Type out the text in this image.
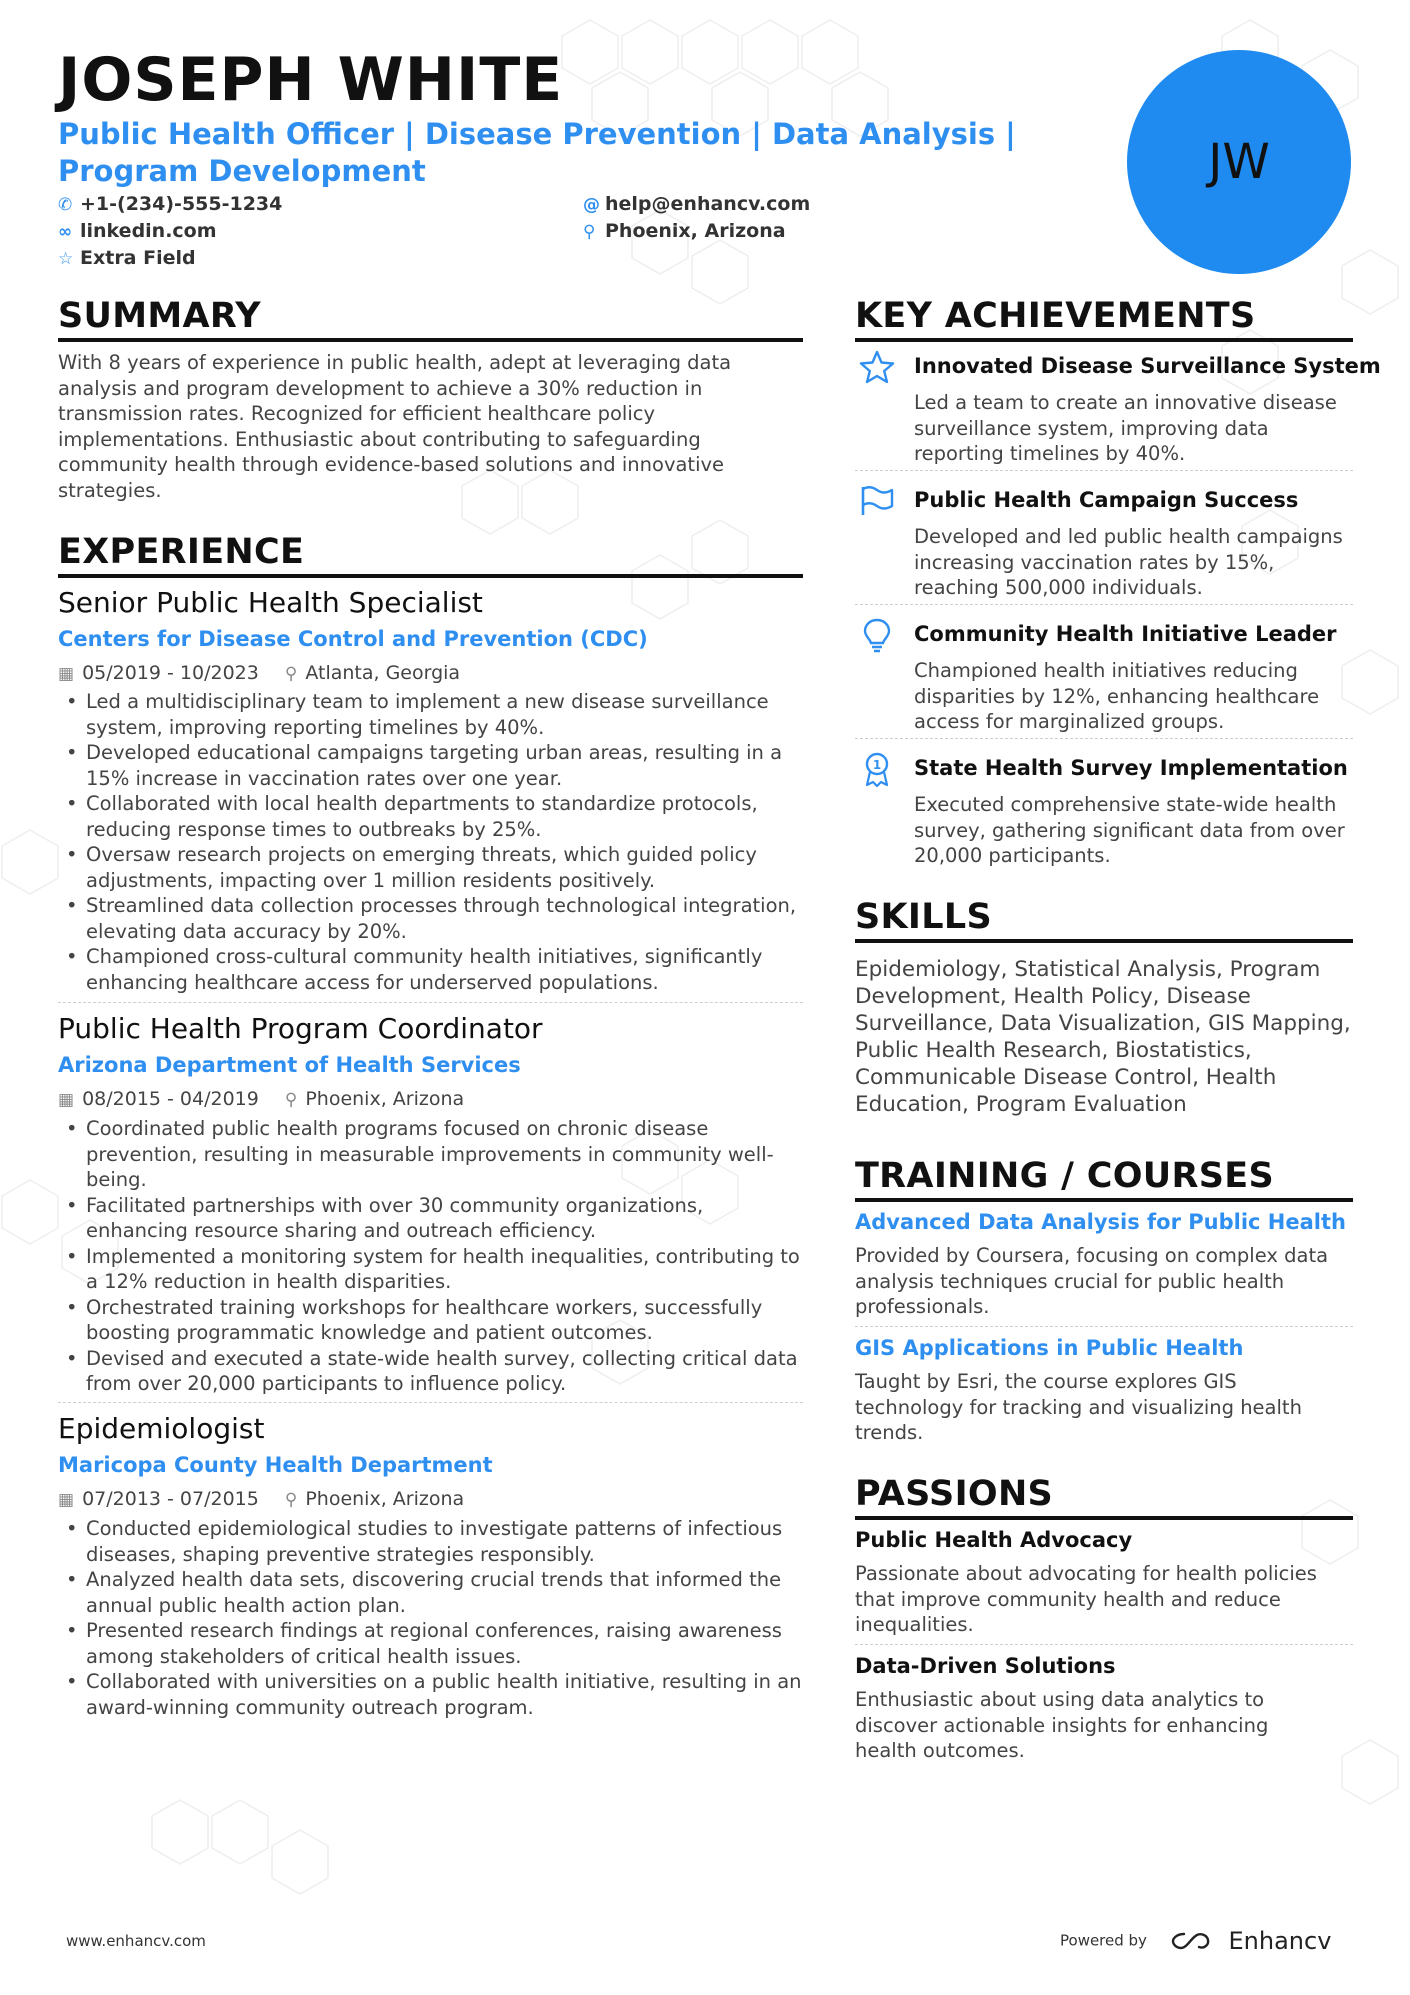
JOSEPH WHITE
Public Health Officer | Disease Prevention | Data Analysis | Program Development
✆ +1-(234)-555-1234	@ help@enhancv.com
∞ linkedin.com	⚲ Phoenix, Arizona
☆ Extra Field
JW
SUMMARY
With 8 years of experience in public health, adept at leveraging data analysis and program development to achieve a 30% reduction in transmission rates. Recognized for efficient healthcare policy implementations. Enthusiastic about contributing to safeguarding community health through evidence-based solutions and innovative strategies.
EXPERIENCE
Senior Public Health Specialist
Centers for Disease Control and Prevention (CDC)
▦ 05/2019 - 10/2023 ⚲ Atlanta, Georgia
• Led a multidisciplinary team to implement a new disease surveillance system, improving reporting timelines by 40%.
• Developed educational campaigns targeting urban areas, resulting in a 15% increase in vaccination rates over one year.
• Collaborated with local health departments to standardize protocols, reducing response times to outbreaks by 25%.
• Oversaw research projects on emerging threats, which guided policy adjustments, impacting over 1 million residents positively.
• Streamlined data collection processes through technological integration, elevating data accuracy by 20%.
• Championed cross-cultural community health initiatives, significantly enhancing healthcare access for underserved populations.
Public Health Program Coordinator
Arizona Department of Health Services
▦ 08/2015 - 04/2019 ⚲ Phoenix, Arizona
• Coordinated public health programs focused on chronic disease prevention, resulting in measurable improvements in community well-being.
• Facilitated partnerships with over 30 community organizations, enhancing resource sharing and outreach efficiency.
• Implemented a monitoring system for health inequalities, contributing to a 12% reduction in health disparities.
• Orchestrated training workshops for healthcare workers, successfully boosting programmatic knowledge and patient outcomes.
• Devised and executed a state-wide health survey, collecting critical data from over 20,000 participants to influence policy.
Epidemiologist
Maricopa County Health Department
▦ 07/2013 - 07/2015 ⚲ Phoenix, Arizona
• Conducted epidemiological studies to investigate patterns of infectious diseases, shaping preventive strategies responsibly.
• Analyzed health data sets, discovering crucial trends that informed the annual public health action plan.
• Presented research findings at regional conferences, raising awareness among stakeholders of critical health issues.
• Collaborated with universities on a public health initiative, resulting in an award-winning community outreach program.
KEY ACHIEVEMENTS
Innovated Disease Surveillance System
Led a team to create an innovative disease surveillance system, improving data reporting timelines by 40%.
Public Health Campaign Success
Developed and led public health campaigns increasing vaccination rates by 15%, reaching 500,000 individuals.
Community Health Initiative Leader
Championed health initiatives reducing disparities by 12%, enhancing healthcare access for marginalized groups.
1 State Health Survey Implementation
Executed comprehensive state-wide health survey, gathering significant data from over 20,000 participants.
SKILLS
Epidemiology, Statistical Analysis, Program Development, Health Policy, Disease Surveillance, Data Visualization, GIS Mapping, Public Health Research, Biostatistics, Communicable Disease Control, Health Education, Program Evaluation
TRAINING / COURSES
Advanced Data Analysis for Public Health
Provided by Coursera, focusing on complex data analysis techniques crucial for public health professionals.
GIS Applications in Public Health
Taught by Esri, the course explores GIS technology for tracking and visualizing health trends.
PASSIONS
Public Health Advocacy
Passionate about advocating for health policies that improve community health and reduce inequalities.
Data-Driven Solutions
Enthusiastic about using data analytics to discover actionable insights for enhancing health outcomes.
www.enhancv.com	Powered by	Enhancv
